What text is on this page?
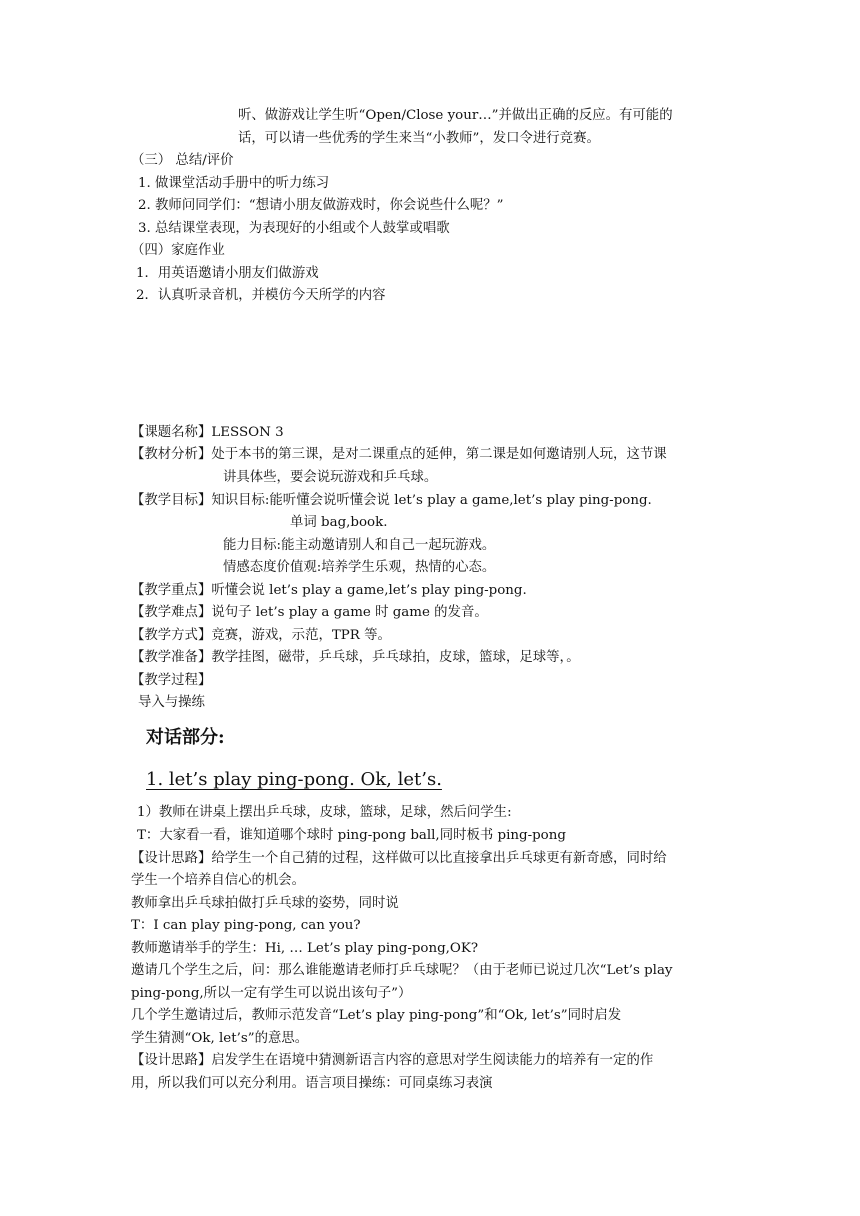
听、做游戏让学生听“Open/Close your…”并做出正确的反应。有可能的
话，可以请一些优秀的学生来当“小教师”，发口令进行竞赛。
（三） 总结/评价
1. 做课堂活动手册中的听力练习
2. 教师问同学们：“想请小朋友做游戏时，你会说些什么呢？”
3. 总结课堂表现，为表现好的小组或个人鼓掌或唱歌
（四）家庭作业
1．用英语邀请小朋友们做游戏
2．认真听录音机，并模仿今天所学的内容
【课题名称】LESSON 3
【教材分析】处于本书的第三课，是对二课重点的延伸，第二课是如何邀请别人玩，这节课
讲具体些，要会说玩游戏和乒乓球。
【教学目标】知识目标:能听懂会说听懂会说 let’s play a game,let’s play ping-pong.
单词 bag,book.
能力目标:能主动邀请别人和自己一起玩游戏。
情感态度价值观:培养学生乐观，热情的心态。
【教学重点】听懂会说 let’s play a game,let’s play ping-pong.
【教学难点】说句子 let’s play a game 时 game 的发音。
【教学方式】竞赛，游戏，示范，TPR 等。
【教学准备】教学挂图，磁带，乒乓球，乒乓球拍，皮球，篮球，足球等，。
【教学过程】
导入与操练
对话部分:
1. let’s play ping-pong. Ok, let’s.
1）教师在讲桌上摆出乒乓球，皮球，篮球，足球，然后问学生:
T：大家看一看，谁知道哪个球时 ping-pong ball,同时板书 ping-pong
【设计思路】给学生一个自己猜的过程，这样做可以比直接拿出乒乓球更有新奇感，同时给
学生一个培养自信心的机会。
教师拿出乒乓球拍做打乒乓球的姿势，同时说
T：I can play ping-pong, can you?
教师邀请举手的学生：Hi, … Let’s play ping-pong,OK?
邀请几个学生之后，问：那么谁能邀请老师打乒乓球呢？（由于老师已说过几次“Let’s play
ping-pong,所以一定有学生可以说出该句子”）
几个学生邀请过后，教师示范发音“Let’s play ping-pong”和“Ok, let’s”同时启发
学生猜测“Ok, let’s”的意思。
【设计思路】启发学生在语境中猜测新语言内容的意思对学生阅读能力的培养有一定的作
用，所以我们可以充分利用。语言项目操练：可同桌练习表演
